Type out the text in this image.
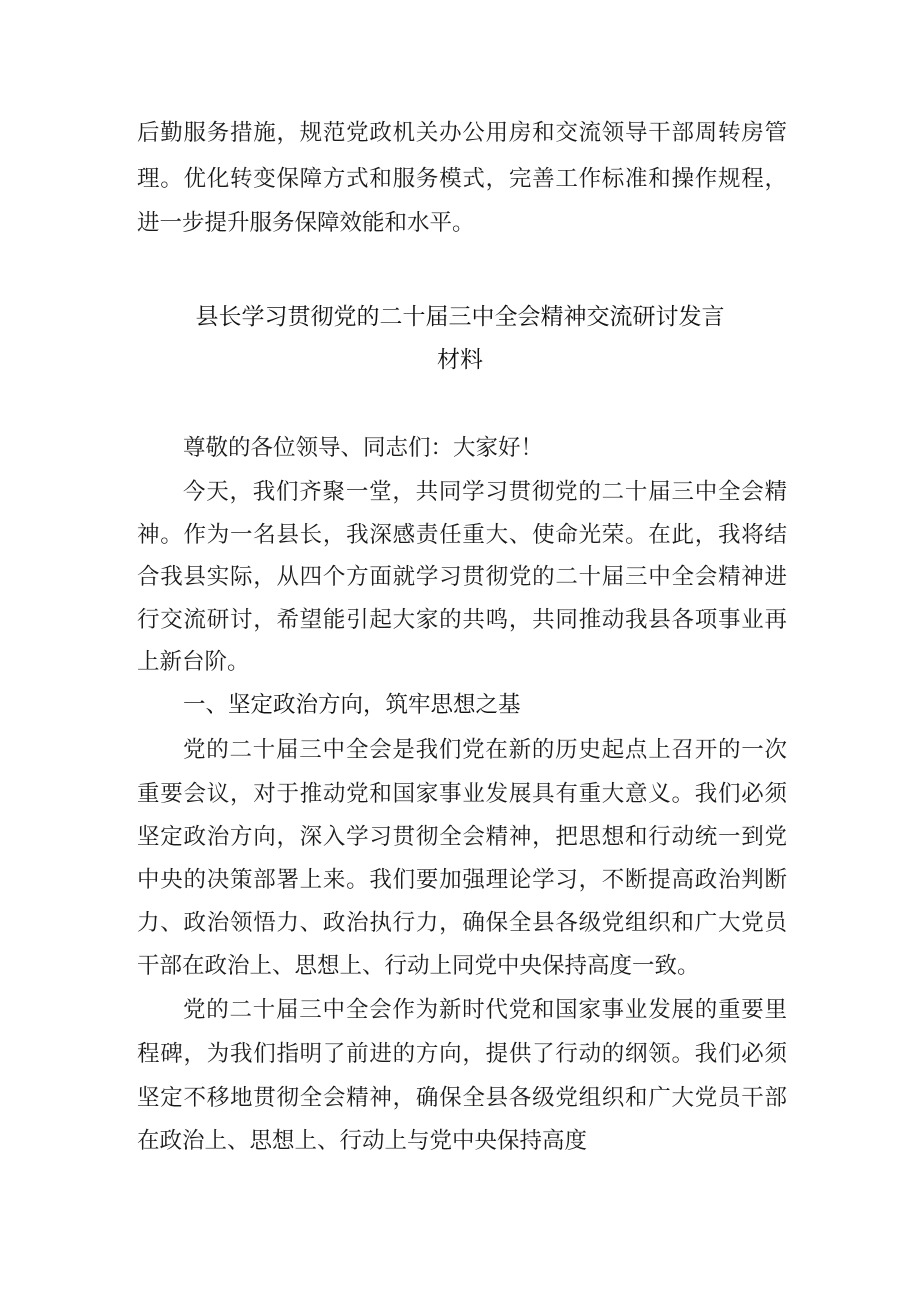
后勤服务措施，规范党政机关办公用房和交流领导干部周转房管
理。优化转变保障方式和服务模式，完善工作标准和操作规程，
进一步提升服务保障效能和水平。
县长学习贯彻党的二十届三中全会精神交流研讨发言
材料
尊敬的各位领导、同志们：大家好！
今天，我们齐聚一堂，共同学习贯彻党的二十届三中全会精
神。作为一名县长，我深感责任重大、使命光荣。在此，我将结
合我县实际，从四个方面就学习贯彻党的二十届三中全会精神进
行交流研讨，希望能引起大家的共鸣，共同推动我县各项事业再
上新台阶。
一、坚定政治方向，筑牢思想之基
党的二十届三中全会是我们党在新的历史起点上召开的一次
重要会议，对于推动党和国家事业发展具有重大意义。我们必须
坚定政治方向，深入学习贯彻全会精神，把思想和行动统一到党
中央的决策部署上来。我们要加强理论学习，不断提高政治判断
力、政治领悟力、政治执行力，确保全县各级党组织和广大党员
干部在政治上、思想上、行动上同党中央保持高度一致。
党的二十届三中全会作为新时代党和国家事业发展的重要里
程碑，为我们指明了前进的方向，提供了行动的纲领。我们必须
坚定不移地贯彻全会精神，确保全县各级党组织和广大党员干部
在政治上、思想上、行动上与党中央保持高度
